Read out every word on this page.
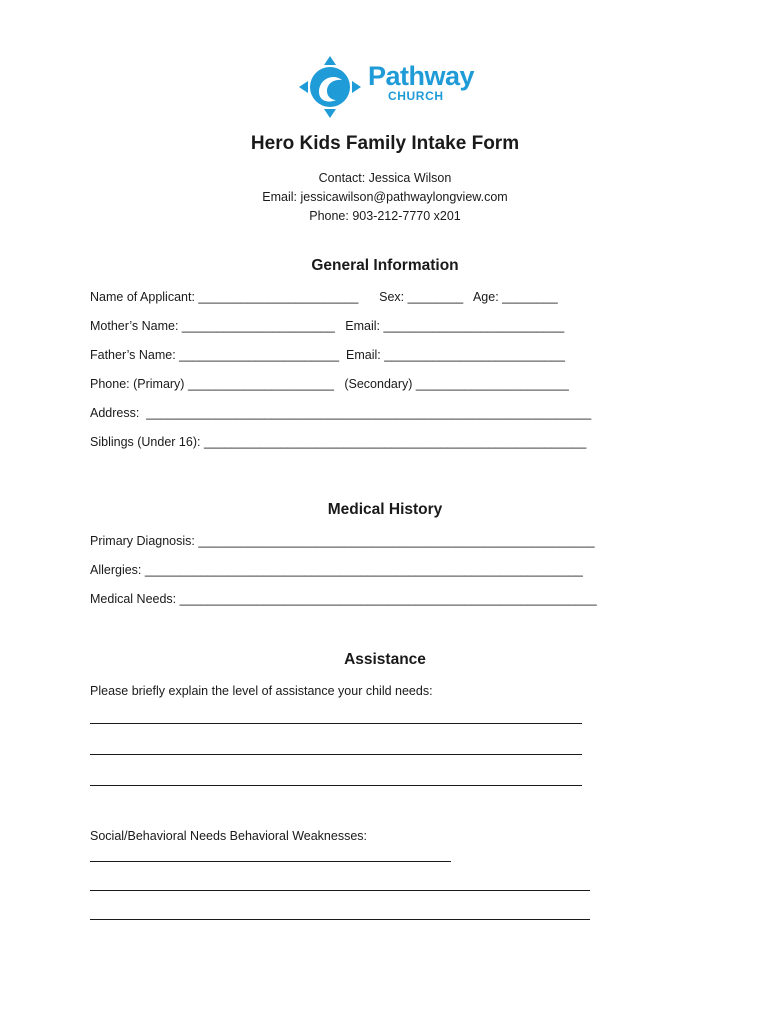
Pathway
CHURCH
Hero Kids Family Intake Form
Contact: Jessica Wilson
Email: jessicawilson@pathwaylongview.com
Phone: 903-212-7770 x201
General Information
Name of Applicant: _______________________      Sex: ________   Age: ________
Mother’s Name: ______________________   Email: __________________________
Father’s Name: _______________________  Email: __________________________
Phone: (Primary) _____________________   (Secondary) ______________________
Address:  ________________________________________________________________
Siblings (Under 16): _______________________________________________________
Medical History
Primary Diagnosis: _________________________________________________________
Allergies: _______________________________________________________________
Medical Needs: ____________________________________________________________
Assistance
Please briefly explain the level of assistance your child needs:
Social/Behavioral Needs Behavioral Weaknesses:
